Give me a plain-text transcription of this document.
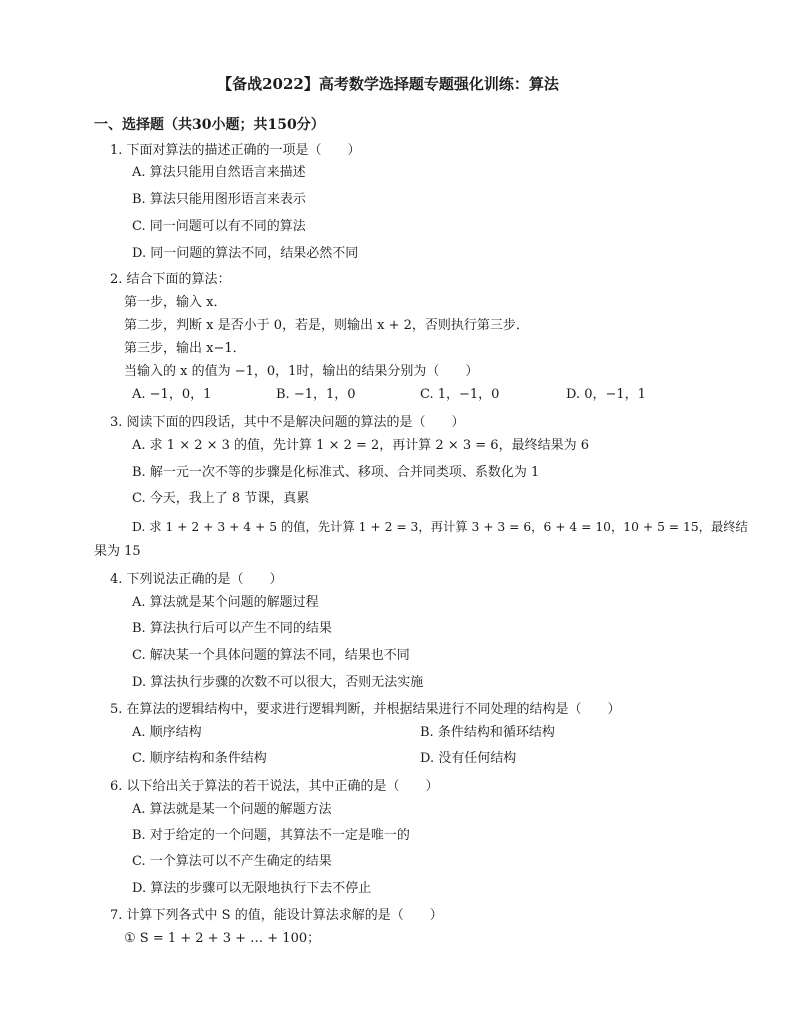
【备战2022】高考数学选择题专题强化训练：算法
一、选择题（共30小题；共150分）
1. 下面对算法的描述正确的一项是（　　）
A. 算法只能用自然语言来描述
B. 算法只能用图形语言来表示
C. 同一问题可以有不同的算法
D. 同一问题的算法不同，结果必然不同
2. 结合下面的算法：
第一步，输入 x．
第二步，判断 x 是否小于 0，若是，则输出 x + 2，否则执行第三步．
第三步，输出 x−1．
当输入的 x 的值为 −1，0，1时，输出的结果分别为（　　）
A. −1，0，1	B. −1，1，0	C. 1，−1，0	D. 0，−1，1
3. 阅读下面的四段话，其中不是解决问题的算法的是（　　）
A. 求 1 × 2 × 3 的值，先计算 1 × 2 = 2，再计算 2 × 3 = 6，最终结果为 6
B. 解一元一次不等的步骤是化标准式、移项、合并同类项、系数化为 1
C. 今天，我上了 8 节课，真累
D. 求 1 + 2 + 3 + 4 + 5 的值，先计算 1 + 2 = 3，再计算 3 + 3 = 6，6 + 4 = 10，10 + 5 = 15，最终结
果为 15
4. 下列说法正确的是（　　）
A. 算法就是某个问题的解题过程
B. 算法执行后可以产生不同的结果
C. 解决某一个具体问题的算法不同，结果也不同
D. 算法执行步骤的次数不可以很大，否则无法实施
5. 在算法的逻辑结构中，要求进行逻辑判断，并根据结果进行不同处理的结构是（　　）
A. 顺序结构	B. 条件结构和循环结构
C. 顺序结构和条件结构	D. 没有任何结构
6. 以下给出关于算法的若干说法，其中正确的是（　　）
A. 算法就是某一个问题的解题方法
B. 对于给定的一个问题，其算法不一定是唯一的
C. 一个算法可以不产生确定的结果
D. 算法的步骤可以无限地执行下去不停止
7. 计算下列各式中 S 的值，能设计算法求解的是（　　）
① S = 1 + 2 + 3 + … + 100；
